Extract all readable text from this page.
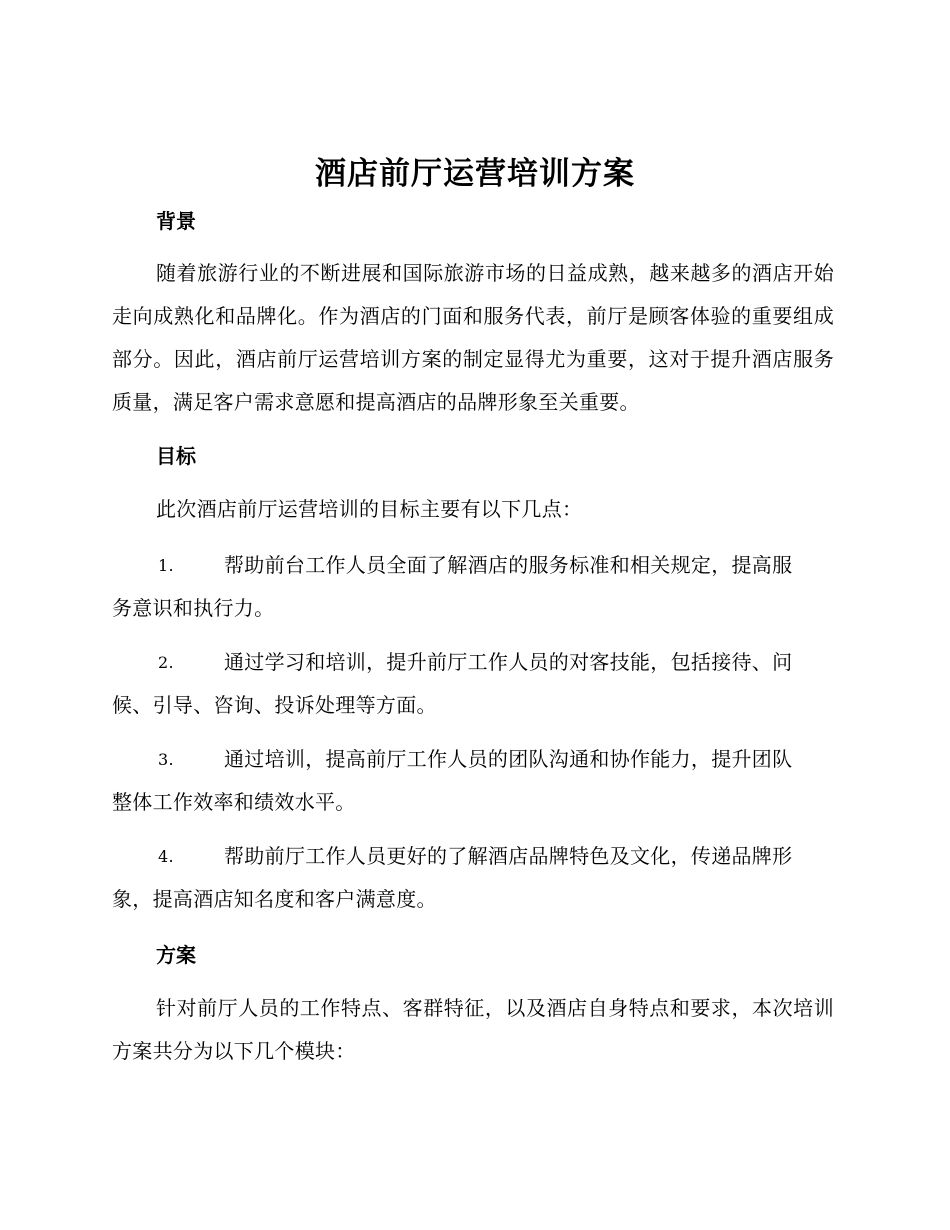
酒店前厅运营培训方案
背景
随着旅游行业的不断进展和国际旅游市场的日益成熟，越来越多的酒店开始走向成熟化和品牌化。作为酒店的门面和服务代表，前厅是顾客体验的重要组成部分。因此，酒店前厅运营培训方案的制定显得尤为重要，这对于提升酒店服务质量，满足客户需求意愿和提高酒店的品牌形象至关重要。
目标
此次酒店前厅运营培训的目标主要有以下几点：
1.	帮助前台工作人员全面了解酒店的服务标准和相关规定，提高服
务意识和执行力。
2.	通过学习和培训，提升前厅工作人员的对客技能，包括接待、问
候、引导、咨询、投诉处理等方面。
3.	通过培训，提高前厅工作人员的团队沟通和协作能力，提升团队
整体工作效率和绩效水平。
4.	帮助前厅工作人员更好的了解酒店品牌特色及文化，传递品牌形
象，提高酒店知名度和客户满意度。
方案
针对前厅人员的工作特点、客群特征，以及酒店自身特点和要求，本次培训方案共分为以下几个模块：
